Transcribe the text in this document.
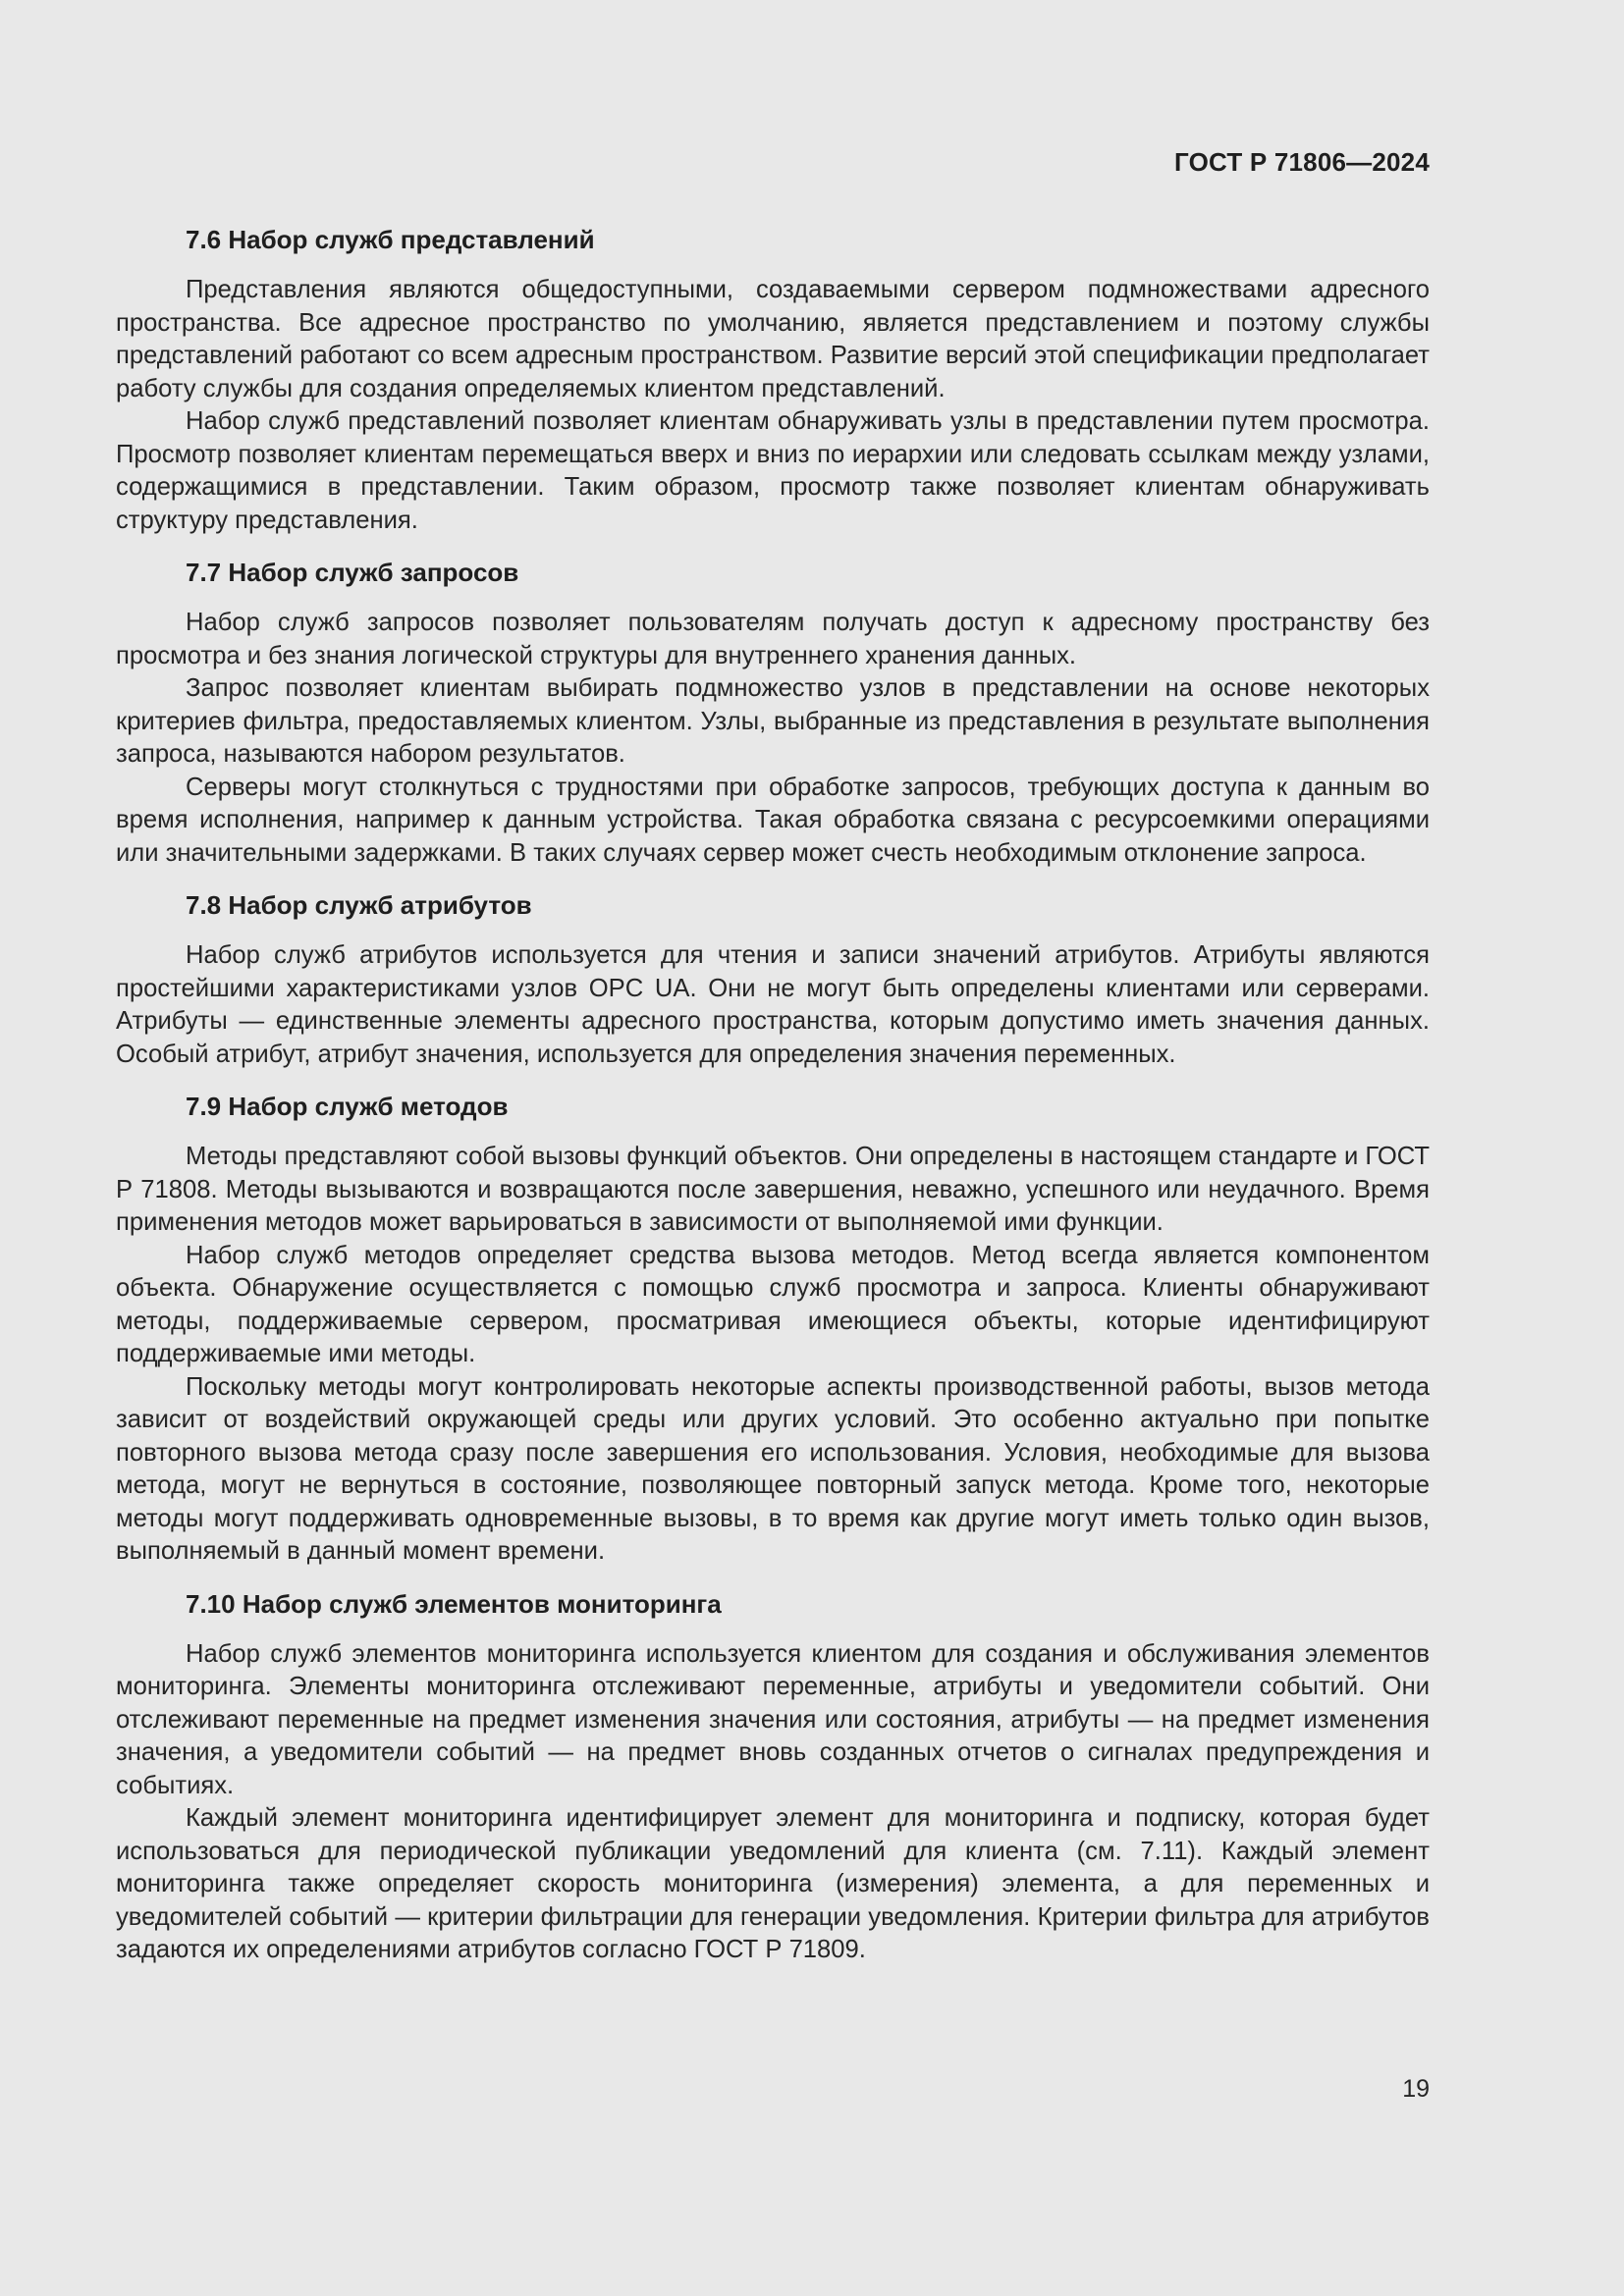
ГОСТ Р 71806—2024
7.6 Набор служб представлений

Представления являются общедоступными, создаваемыми сервером подмножествами адресного пространства. Все адресное пространство по умолчанию, является представлением и поэтому службы представлений работают со всем адресным пространством. Развитие версий этой спецификации предполагает работу службы для создания определяемых клиентом представлений.

Набор служб представлений позволяет клиентам обнаруживать узлы в представлении путем просмотра. Просмотр позволяет клиентам перемещаться вверх и вниз по иерархии или следовать ссылкам между узлами, содержащимися в представлении. Таким образом, просмотр также позволяет клиентам обнаруживать структуру представления.

7.7 Набор служб запросов

Набор служб запросов позволяет пользователям получать доступ к адресному пространству без просмотра и без знания логической структуры для внутреннего хранения данных.

Запрос позволяет клиентам выбирать подмножество узлов в представлении на основе некоторых критериев фильтра, предоставляемых клиентом. Узлы, выбранные из представления в результате выполнения запроса, называются набором результатов.

Серверы могут столкнуться с трудностями при обработке запросов, требующих доступа к данным во время исполнения, например к данным устройства. Такая обработка связана с ресурсоемкими операциями или значительными задержками. В таких случаях сервер может счесть необходимым отклонение запроса.

7.8 Набор служб атрибутов

Набор служб атрибутов используется для чтения и записи значений атрибутов. Атрибуты являются простейшими характеристиками узлов OPC UA. Они не могут быть определены клиентами или серверами. Атрибуты — единственные элементы адресного пространства, которым допустимо иметь значения данных. Особый атрибут, атрибут значения, используется для определения значения переменных.

7.9 Набор служб методов

Методы представляют собой вызовы функций объектов. Они определены в настоящем стандарте и ГОСТ Р 71808. Методы вызываются и возвращаются после завершения, неважно, успешного или неудачного. Время применения методов может варьироваться в зависимости от выполняемой ими функции.

Набор служб методов определяет средства вызова методов. Метод всегда является компонентом объекта. Обнаружение осуществляется с помощью служб просмотра и запроса. Клиенты обнаруживают методы, поддерживаемые сервером, просматривая имеющиеся объекты, которые идентифицируют поддерживаемые ими методы.

Поскольку методы могут контролировать некоторые аспекты производственной работы, вызов метода зависит от воздействий окружающей среды или других условий. Это особенно актуально при попытке повторного вызова метода сразу после завершения его использования. Условия, необходимые для вызова метода, могут не вернуться в состояние, позволяющее повторный запуск метода. Кроме того, некоторые методы могут поддерживать одновременные вызовы, в то время как другие могут иметь только один вызов, выполняемый в данный момент времени.

7.10 Набор служб элементов мониторинга

Набор служб элементов мониторинга используется клиентом для создания и обслуживания элементов мониторинга. Элементы мониторинга отслеживают переменные, атрибуты и уведомители событий. Они отслеживают переменные на предмет изменения значения или состояния, атрибуты — на предмет изменения значения, а уведомители событий — на предмет вновь созданных отчетов о сигналах предупреждения и событиях.

Каждый элемент мониторинга идентифицирует элемент для мониторинга и подписку, которая будет использоваться для периодической публикации уведомлений для клиента (см. 7.11). Каждый элемент мониторинга также определяет скорость мониторинга (измерения) элемента, а для переменных и уведомителей событий — критерии фильтрации для генерации уведомления. Критерии фильтра для атрибутов задаются их определениями атрибутов согласно ГОСТ Р 71809.

19
